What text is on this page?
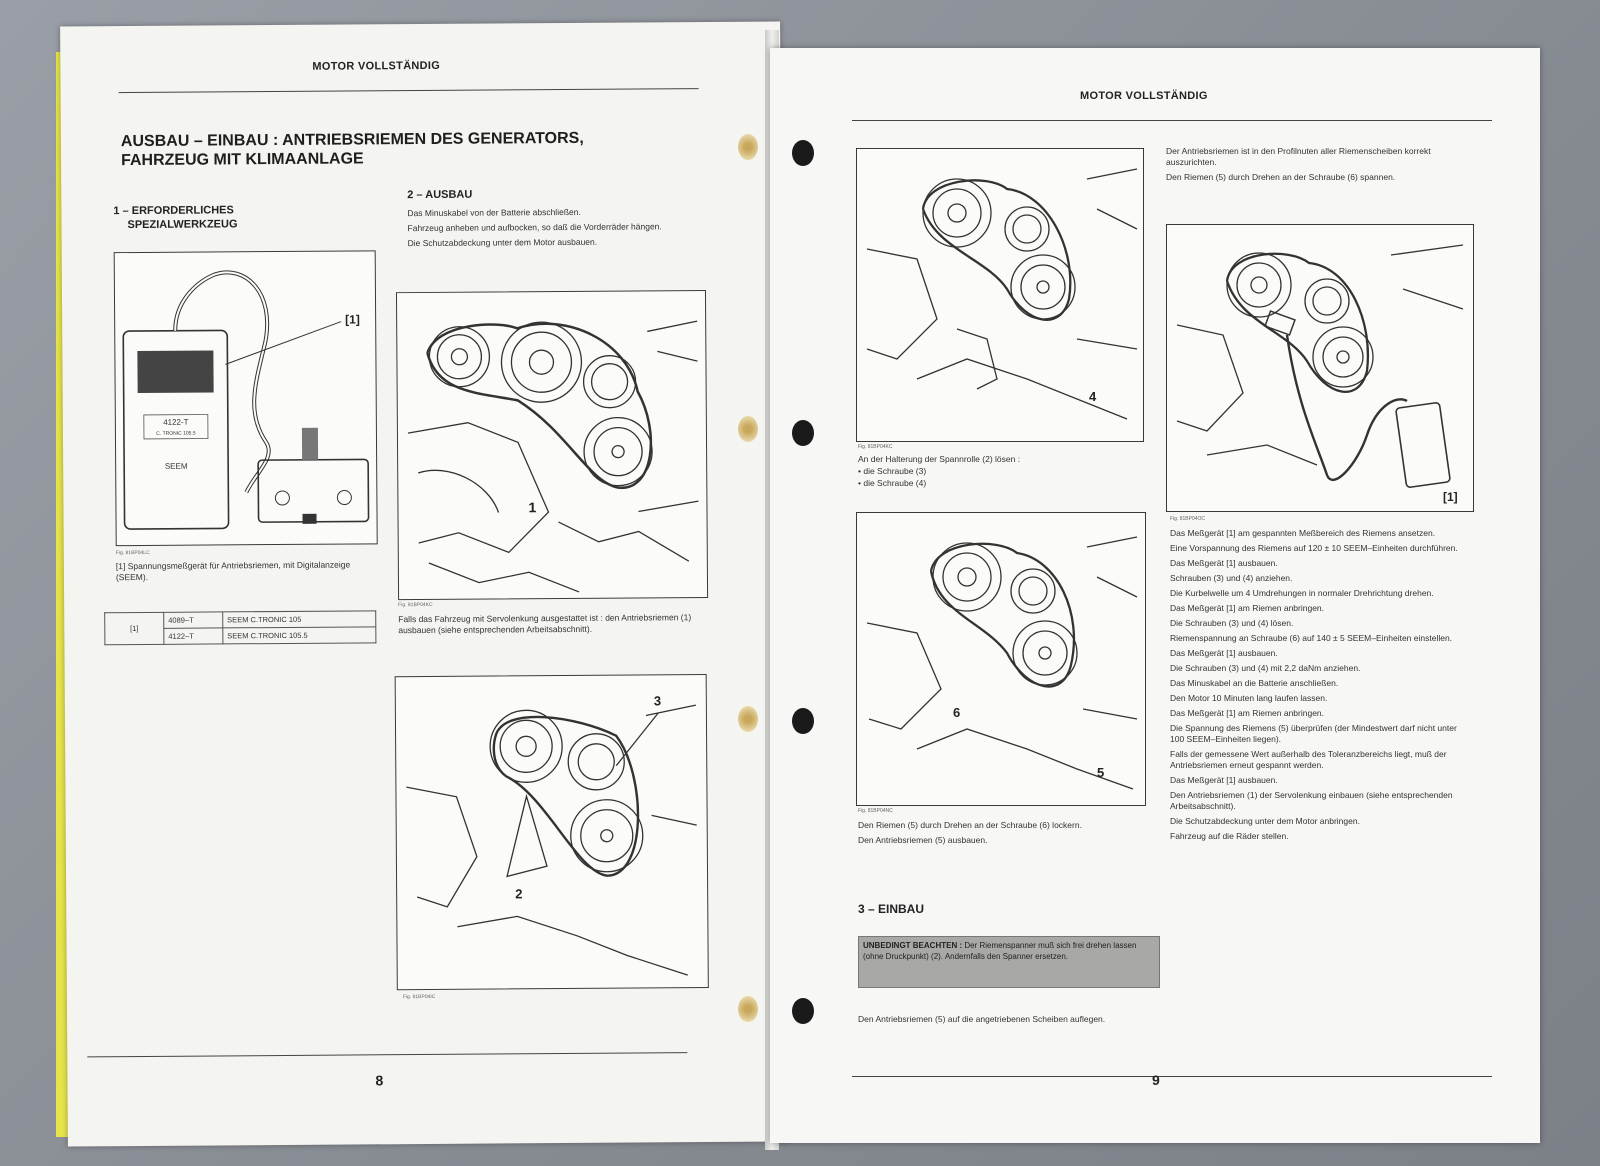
MOTOR VOLLSTÄNDIG
AUSBAU – EINBAU : ANTRIEBSRIEMEN DES GENERATORS,
FAHRZEUG MIT KLIMAANLAGE
1 – ERFORDERLICHES
SPEZIALWERKZEUG
4122-T
C. TRONIC 105.5
SEEM
[1]
Fig. 81BP04LC
[1] Spannungsmeßgerät für Antriebsriemen, mit Digitalanzeige (SEEM).
[1]	4089–T	SEEM C.TRONIC 105
	4122–T	SEEM C.TRONIC 105.5
2 – AUSBAU

Das Minuskabel von der Batterie abschließen.

Fahrzeug anheben und aufbocken, so daß die Vorderräder hängen.

Die Schutzabdeckung unter dem Motor ausbauen.

1
Fig. 81BP04KC
Falls das Fahrzeug mit Servolenkung ausgestattet ist : den Antriebsriemen (1) ausbauen (siehe entsprechenden Arbeitsabschnitt).
3
2
Fig. 81BP04IC
8
MOTOR VOLLSTÄNDIG
4
Fig. 81BP04KC

An der Halterung der Spannrolle (2) lösen :

• die Schraube (3)

• die Schraube (4)

6
5
Fig. 81BP04NC

Den Riemen (5) durch Drehen an der Schraube (6) lockern.

Den Antriebsriemen (5) ausbauen.

3 – EINBAU
UNBEDINGT BEACHTEN : Der Riemenspanner muß sich frei drehen lassen (ohne Druckpunkt) (2). Andernfalls den Spanner ersetzen.
Den Antriebsriemen (5) auf die angetriebenen Scheiben auflegen.

Der Antriebsriemen ist in den Profilnuten aller Riemenscheiben korrekt auszurichten.

Den Riemen (5) durch Drehen an der Schraube (6) spannen.

[1]
Fig. 81BP04OC

Das Meßgerät [1] am gespannten Meßbereich des Riemens ansetzen.

Eine Vorspannung des Riemens auf 120 ± 10 SEEM–Einheiten durchführen.

Das Meßgerät [1] ausbauen.

Schrauben (3) und (4) anziehen.

Die Kurbelwelle um 4 Umdrehungen in normaler Drehrichtung drehen.

Das Meßgerät [1] am Riemen anbringen.

Die Schrauben (3) und (4) lösen.

Riemenspannung an Schraube (6) auf 140 ± 5 SEEM–Einheiten einstellen.

Das Meßgerät [1] ausbauen.

Die Schrauben (3) und (4) mit 2,2 daNm anziehen.

Das Minuskabel an die Batterie anschließen.

Den Motor 10 Minuten lang laufen lassen.

Das Meßgerät [1] am Riemen anbringen.

Die Spannung des Riemens (5) überprüfen (der Mindestwert darf nicht unter 100 SEEM–Einheiten liegen).

Falls der gemessene Wert außerhalb des Toleranzbereichs liegt, muß der Antriebsriemen erneut gespannt werden.

Das Meßgerät [1] ausbauen.

Den Antriebsriemen (1) der Servolenkung einbauen (siehe entsprechenden Arbeitsabschnitt).

Die Schutzabdeckung unter dem Motor anbringen.

Fahrzeug auf die Räder stellen.

9
